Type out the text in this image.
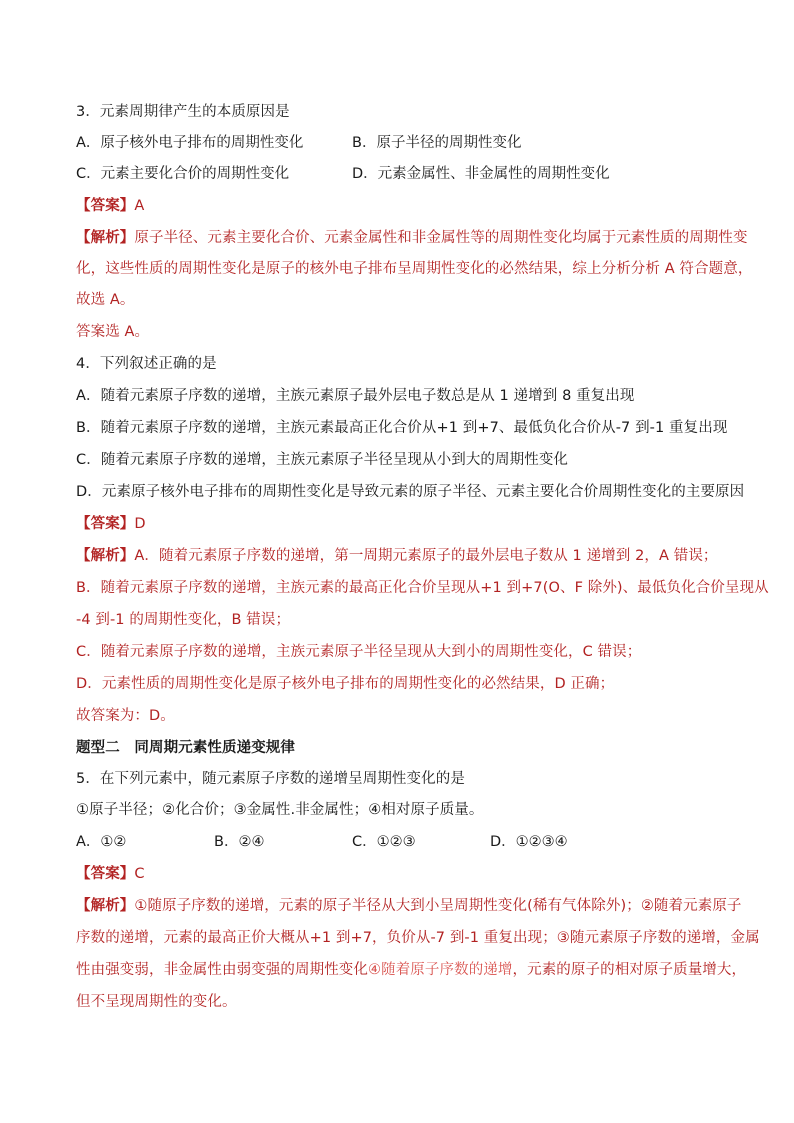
3．元素周期律产生的本质原因是

A．原子核外电子排布的周期性变化	B．原子半径的周期性变化
C．元素主要化合价的周期性变化	D．元素金属性、非金属性的周期性变化

【答案】A

【解析】原子半径、元素主要化合价、元素金属性和非金属性等的周期性变化均属于元素性质的周期性变

化，这些性质的周期性变化是原子的核外电子排布呈周期性变化的必然结果，综上分析分析 A 符合题意，

故选 A。

答案选 A。

4．下列叙述正确的是

A．随着元素原子序数的递增，主族元素原子最外层电子数总是从 1 递增到 8 重复出现

B．随着元素原子序数的递增，主族元素最高正化合价从+1 到+7、最低负化合价从-7 到-1 重复出现

C．随着元素原子序数的递增，主族元素原子半径呈现从小到大的周期性变化

D．元素原子核外电子排布的周期性变化是导致元素的原子半径、元素主要化合价周期性变化的主要原因

【答案】D

【解析】A．随着元素原子序数的递增，第一周期元素原子的最外层电子数从 1 递增到 2，A 错误；

B．随着元素原子序数的递增，主族元素的最高正化合价呈现从+1 到+7(O、F 除外)、最低负化合价呈现从

-4 到-1 的周期性变化，B 错误；

C．随着元素原子序数的递增，主族元素原子半径呈现从大到小的周期性变化，C 错误；

D．元素性质的周期性变化是原子核外电子排布的周期性变化的必然结果，D 正确；

故答案为：D。

题型二　同周期元素性质递变规律

5．在下列元素中，随元素原子序数的递增呈周期性变化的是

①原子半径；②化合价；③金属性.非金属性；④相对原子质量。

A．①②	B．②④	C．①②③	D．①②③④

【答案】C

【解析】①随原子序数的递增，元素的原子半径从大到小呈周期性变化(稀有气体除外)；②随着元素原子

序数的递增，元素的最高正价大概从+1 到+7，负价从-7 到-1 重复出现；③随元素原子序数的递增，金属

性由强变弱，非金属性由弱变强的周期性变化④随着原子序数的递增，元素的原子的相对原子质量增大，

但不呈现周期性的变化。
